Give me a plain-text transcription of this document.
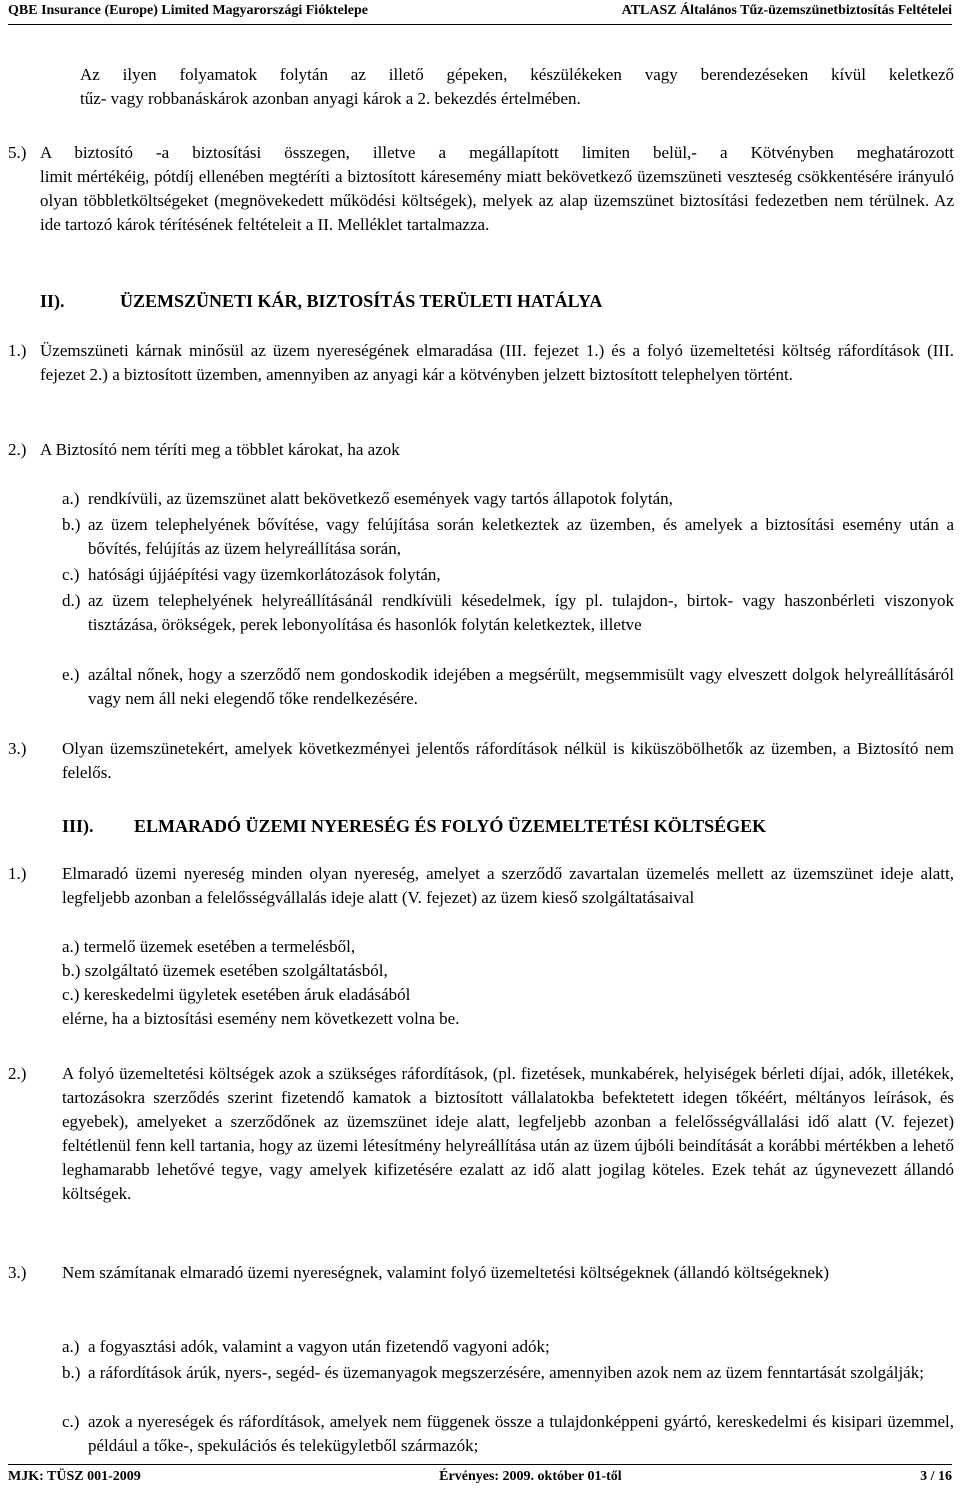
QBE Insurance (Europe) Limited Magyarországi Fióktelepe	ATLASZ Általános Tűz-üzemszünetbiztosítás Feltételei
Az ilyen folyamatok folytán az illető gépeken, készülékeken vagy berendezéseken kívül keletkező
tűz- vagy robbanáskárok azonban anyagi károk a 2. bekezdés értelmében.
5.) A biztosító -a biztosítási összegen, illetve a megállapított limiten belül,- a Kötvényben meghatározott
limit mértékéig, pótdíj ellenében megtéríti a biztosított káresemény miatt bekövetkező üzemszüneti veszteség csökkentésére irányuló olyan többletköltségeket (megnövekedett működési költségek), melyek az alap üzemszünet biztosítási fedezetben nem térülnek. Az ide tartozó károk térítésének feltételeit a II. Melléklet tartalmazza.
II).	ÜZEMSZÜNETI KÁR, BIZTOSÍTÁS TERÜLETI HATÁLYA
1.) Üzemszüneti kárnak minősül az üzem nyereségének elmaradása (III. fejezet 1.) és a folyó üzemeltetési költség ráfordítások (III. fejezet 2.) a biztosított üzemben, amennyiben az anyagi kár a kötvényben jelzett biztosított telephelyen történt.
2.) A Biztosító nem téríti meg a többlet károkat, ha azok
a.) rendkívüli, az üzemszünet alatt bekövetkező események vagy tartós állapotok folytán,
b.) az üzem telephelyének bővítése, vagy felújítása során keletkeztek az üzemben, és amelyek a biztosítási esemény után a bővítés, felújítás az üzem helyreállítása során,
c.) hatósági újjáépítési vagy üzemkorlátozások folytán,
d.) az üzem telephelyének helyreállításánál rendkívüli késedelmek, így pl. tulajdon-, birtok- vagy haszonbérleti viszonyok tisztázása, örökségek, perek lebonyolítása és hasonlók folytán keletkeztek, illetve
e.) azáltal nőnek, hogy a szerződő nem gondoskodik idejében a megsérült, megsemmisült vagy elveszett dolgok helyreállításáról vagy nem áll neki elegendő tőke rendelkezésére.
3.) Olyan üzemszünetekért, amelyek következményei jelentős ráfordítások nélkül is kiküszöbölhetők az üzemben, a Biztosító nem felelős.
III). ELMARADÓ ÜZEMI NYERESÉG ÉS FOLYÓ ÜZEMELTETÉSI KÖLTSÉGEK
1.) Elmaradó üzemi nyereség minden olyan nyereség, amelyet a szerződő zavartalan üzemelés mellett az üzemszünet ideje alatt, legfeljebb azonban a felelősségvállalás ideje alatt (V. fejezet) az üzem kieső szolgáltatásaival
a.) termelő üzemek esetében a termelésből,
b.) szolgáltató üzemek esetében szolgáltatásból,
c.) kereskedelmi ügyletek esetében áruk eladásából
elérne, ha a biztosítási esemény nem következett volna be.
2.) A folyó üzemeltetési költségek azok a szükséges ráfordítások, (pl. fizetések, munkabérek, helyiségek bérleti díjai, adók, illetékek, tartozásokra szerződés szerint fizetendő kamatok a biztosított vállalatokba befektetett idegen tőkéért, méltányos leírások, és egyebek), amelyeket a szerződőnek az üzemszünet ideje alatt, legfeljebb azonban a felelősségvállalási idő alatt (V. fejezet) feltétlenül fenn kell tartania, hogy az üzemi létesítmény helyreállítása után az üzem újbóli beindítását a korábbi mértékben a lehető leghamarabb lehetővé tegye, vagy amelyek kifizetésére ezalatt az idő alatt jogilag köteles. Ezek tehát az úgynevezett állandó költségek.
3.) Nem számítanak elmaradó üzemi nyereségnek, valamint folyó üzemeltetési költségeknek (állandó költségeknek)
a.) a fogyasztási adók, valamint a vagyon után fizetendő vagyoni adók;
b.) a ráfordítások árúk, nyers-, segéd- és üzemanyagok megszerzésére, amennyiben azok nem az üzem fenntartását szolgálják;
c.) azok a nyereségek és ráfordítások, amelyek nem függenek össze a tulajdonképpeni gyártó, kereskedelmi és kisipari üzemmel, például a tőke-, spekulációs és telekügyletből származók;
MJK: TÜSZ 001-2009	Érvényes: 2009. október 01-től	3 / 16
